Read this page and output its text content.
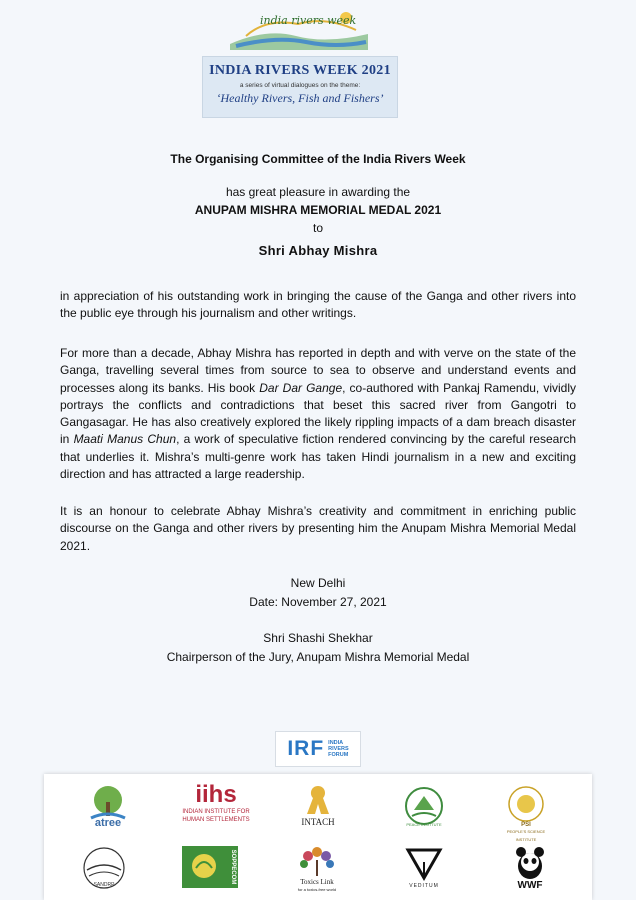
india rivers week
INDIA RIVERS WEEK 2021
a series of virtual dialogues on the theme:
‘Healthy Rivers, Fish and Fishers’
The Organising Committee of the India Rivers Week
has great pleasure in awarding the
ANUPAM MISHRA MEMORIAL MEDAL 2021
to
Shri Abhay Mishra

in appreciation of his outstanding work in bringing the cause of the Ganga and other rivers into the public eye through his journalism and other writings.

For more than a decade, Abhay Mishra has reported in depth and with verve on the state of the Ganga, travelling several times from source to sea to observe and understand events and processes along its banks. His book Dar Dar Gange, co-authored with Pankaj Ramendu, vividly portrays the conflicts and contradictions that beset this sacred river from Gangotri to Gangasagar. He has also creatively explored the likely rippling impacts of a dam breach disaster in Maati Manus Chun, a work of speculative fiction rendered convincing by the careful research that underlies it. Mishra’s multi-genre work has taken Hindi journalism in a new and exciting direction and has attracted a large readership.

It is an honour to celebrate Abhay Mishra’s creativity and commitment in enriching public discourse on the Ganga and other rivers by presenting him the Anupam Mishra Memorial Medal 2021.

New Delhi
Date: November 27, 2021
Shri Shashi Shekhar
Chairperson of the Jury, Anupam Mishra Memorial Medal
IRF INDIA
RIVERS
FORUM
atree
iihs
INDIAN INSTITUTE FOR
HUMAN SETTLEMENTS	INTACH	PEACE INSTITUTE	PSI
PEOPLE'S SCIENCE INSTITUTE
SANDRP
SOPPECOM	Toxics Link
for a toxics-free world
VEDITUM	WWF
